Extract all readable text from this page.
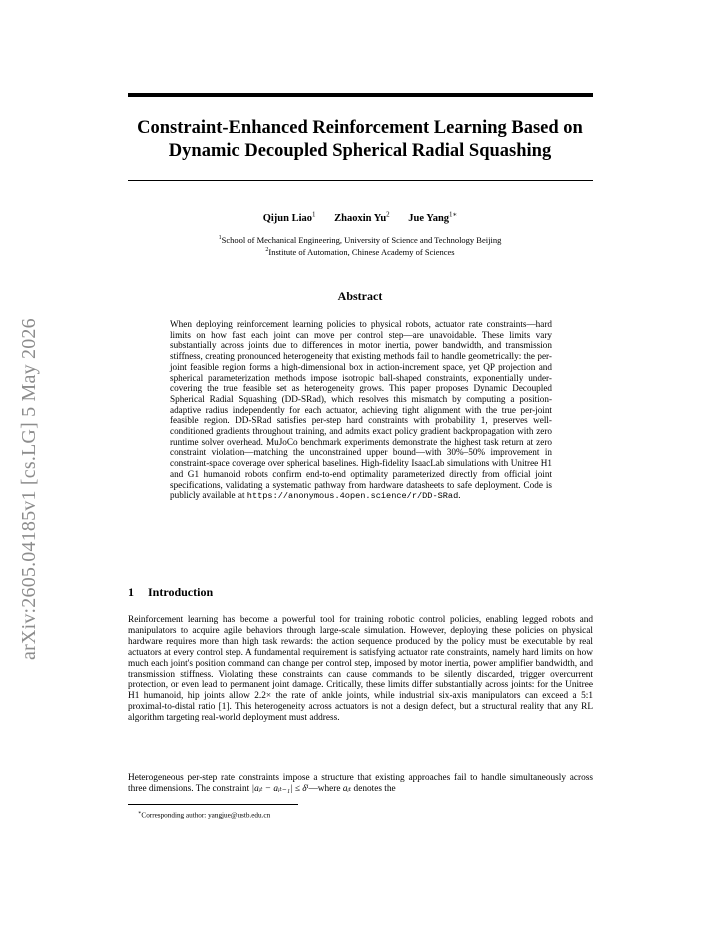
arXiv:2605.04185v1 [cs.LG] 5 May 2026
Constraint-Enhanced Reinforcement Learning Based on Dynamic Decoupled Spherical Radial Squashing
Qijun Liao$^1$ Zhaoxin Yu$^2$ Jue Yang$^{1∗}$
$^1$School of Mechanical Engineering, University of Science and Technology Beijing
$^2$Institute of Automation, Chinese Academy of Sciences
Abstract
When deploying reinforcement learning policies to physical robots, actuator rate constraints—hard limits on how fast each joint can move per control step—are unavoidable. These limits vary substantially across joints due to differences in motor inertia, power bandwidth, and transmission stiffness, creating pronounced heterogeneity that existing methods fail to handle geometrically: the per-joint feasible region forms a high-dimensional box in action-increment space, yet QP projection and spherical parameterization methods impose isotropic ball-shaped constraints, exponentially under-covering the true feasible set as heterogeneity grows. This paper proposes Dynamic Decoupled Spherical Radial Squashing (DD-SRad), which resolves this mismatch by computing a position-adaptive radius independently for each actuator, achieving tight alignment with the true per-joint feasible region. DD-SRad satisfies per-step hard constraints with probability 1, preserves well-conditioned gradients throughout training, and admits exact policy gradient backpropagation with zero runtime solver overhead. MuJoCo benchmark experiments demonstrate the highest task return at zero constraint violation—matching the unconstrained upper bound—with 30%–50% improvement in constraint-space coverage over spherical baselines. High-fidelity IsaacLab simulations with Unitree H1 and G1 humanoid robots confirm end-to-end optimality parameterized directly from official joint specifications, validating a systematic pathway from hardware datasheets to safe deployment. Code is publicly available at https://anonymous.4open.science/r/DD-SRad.
1 Introduction
Reinforcement learning has become a powerful tool for training robotic control policies, enabling legged robots and manipulators to acquire agile behaviors through large-scale simulation. However, deploying these policies on physical hardware requires more than high task rewards: the action sequence produced by the policy must be executable by real actuators at every control step. A fundamental requirement is satisfying actuator rate constraints, namely hard limits on how much each joint's position command can change per control step, imposed by motor inertia, power amplifier bandwidth, and transmission stiffness. Violating these constraints can cause commands to be silently discarded, trigger overcurrent protection, or even lead to permanent joint damage. Critically, these limits differ substantially across joints: for the Unitree H1 humanoid, hip joints allow 2.2× the rate of ankle joints, while industrial six-axis manipulators can exceed a 5:1 proximal-to-distal ratio [1]. This heterogeneity across actuators is not a design defect, but a structural reality that any RL algorithm targeting real-world deployment must address.
Heterogeneous per-step rate constraints impose a structure that existing approaches fail to handle simultaneously across three dimensions. The constraint |aᵢₜ − aᵢₜ₋₁| ≤ δⁱ—where aᵢₜ denotes the
∗Corresponding author: yangjue@ustb.edu.cn
